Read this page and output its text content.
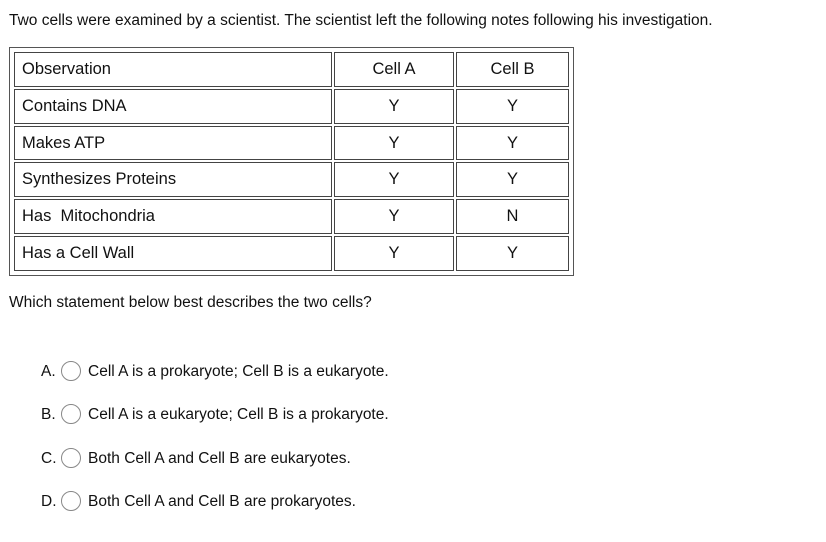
Two cells were examined by a scientist. The scientist left the following notes following his investigation.
Observation	Cell A	Cell B
Contains DNA	Y	Y
Makes ATP	Y	Y
Synthesizes Proteins	Y	Y
Has  Mitochondria	Y	N
Has a Cell Wall	Y	Y
Which statement below best describes the two cells?
A. Cell A is a prokaryote; Cell B is a eukaryote.
B. Cell A is a eukaryote; Cell B is a prokaryote.
C. Both Cell A and Cell B are eukaryotes.
D. Both Cell A and Cell B are prokaryotes.
